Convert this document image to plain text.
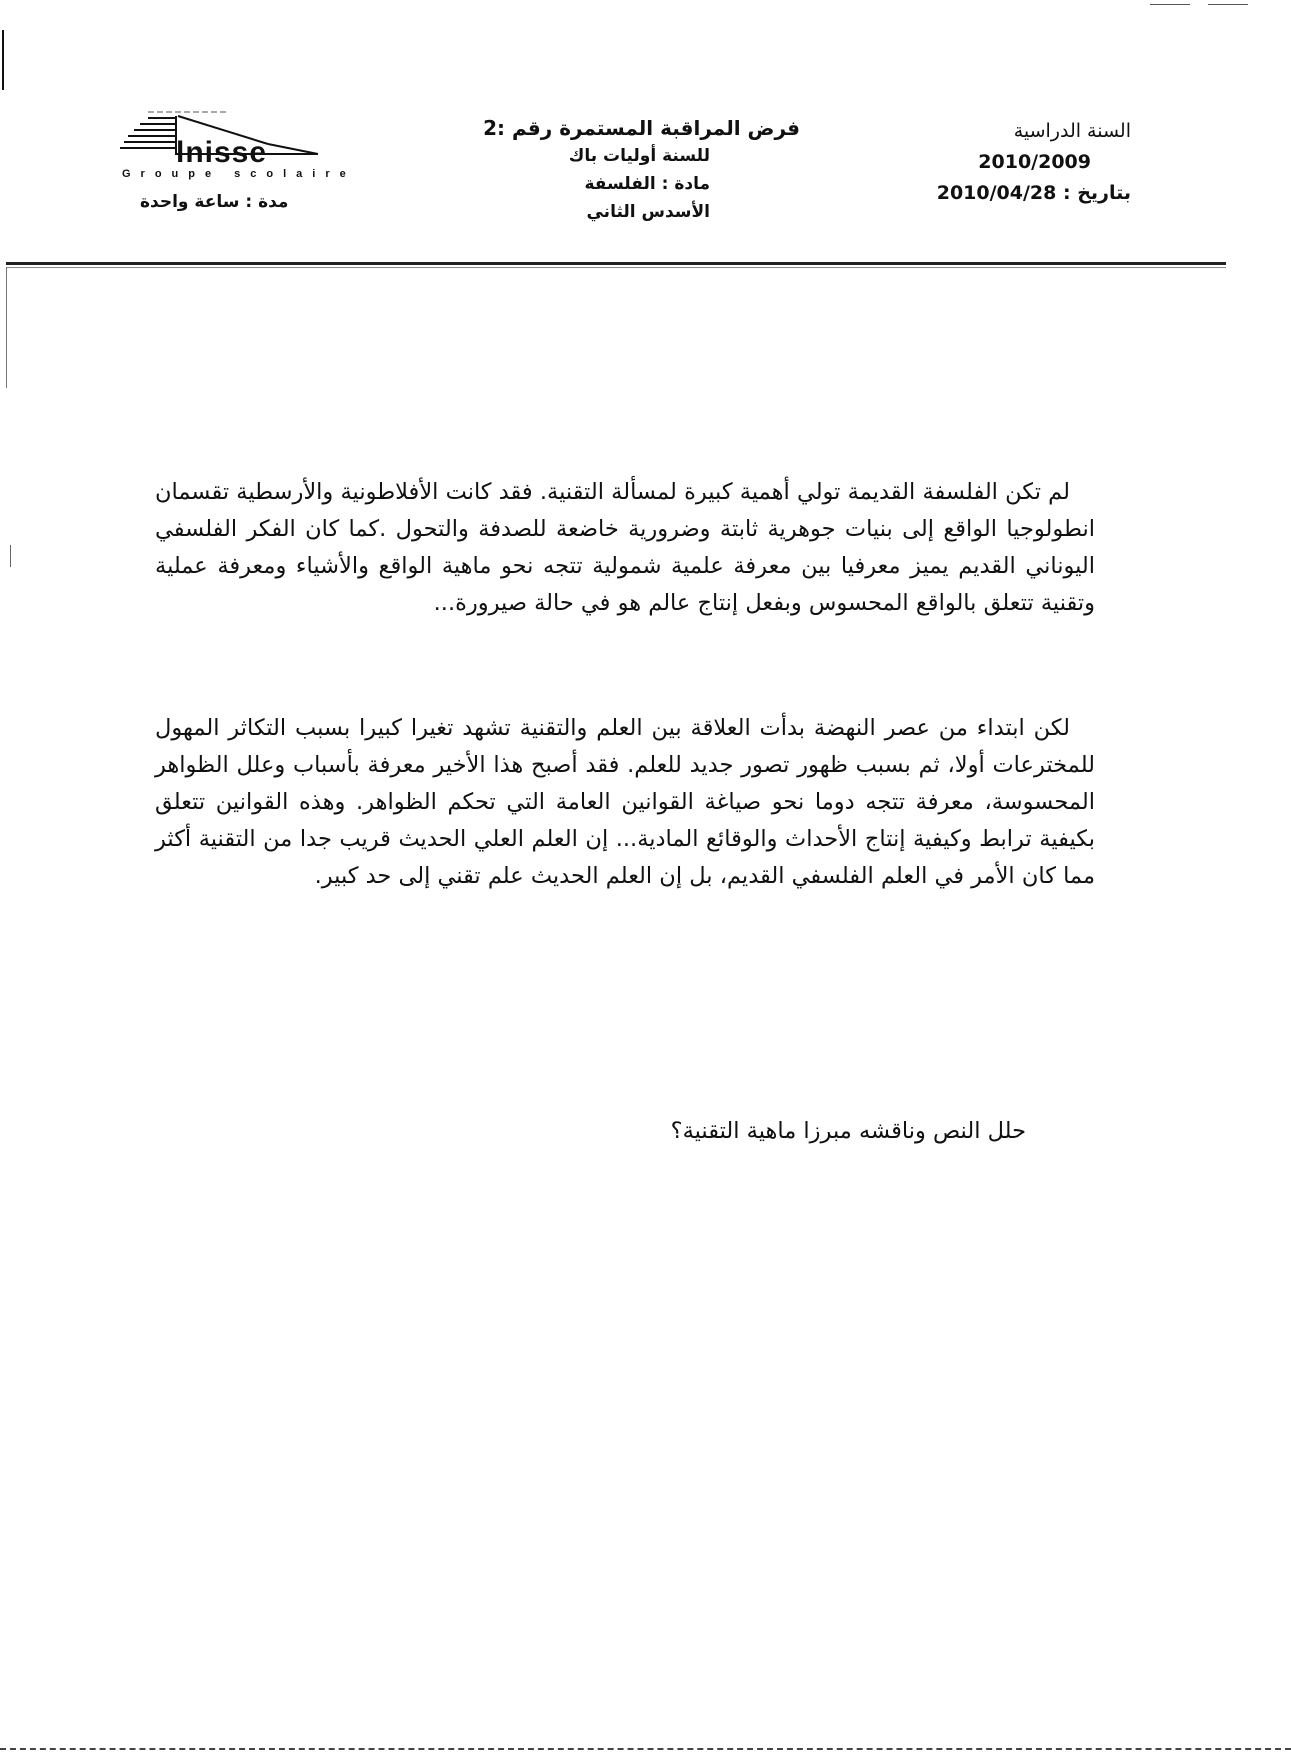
السنة الدراسية
2010/2009
بتاريخ : 2010/04/28
فرض المراقبة المستمرة رقم :2
للسنة أوليات باك
مادة : الفلسفة
الأسدس الثاني
lnisse
Groupe scolaire
مدة : ساعة واحدة
لم تكن الفلسفة القديمة تولي أهمية كبيرة لمسألة التقنية. فقد كانت الأفلاطونية والأرسطية تقسمان انطولوجيا الواقع إلى بنيات جوهرية ثابتة وضرورية خاضعة للصدفة والتحول .كما كان الفكر الفلسفي اليوناني القديم يميز معرفيا بين معرفة علمية شمولية تتجه نحو ماهية الواقع والأشياء ومعرفة عملية وتقنية تتعلق بالواقع المحسوس وبفعل إنتاج عالم هو في حالة صيرورة...
لكن ابتداء من عصر النهضة بدأت العلاقة بين العلم والتقنية تشهد تغيرا كبيرا بسبب التكاثر المهول للمخترعات أولا، ثم بسبب ظهور تصور جديد للعلم. فقد أصبح هذا الأخير معرفة بأسباب وعلل الظواهر المحسوسة، معرفة تتجه دوما نحو صياغة القوانين العامة التي تحكم الظواهر. وهذه القوانين تتعلق بكيفية ترابط وكيفية إنتاج الأحداث والوقائع المادية... إن العلم العلي الحديث قريب جدا من التقنية أكثر مما كان الأمر في العلم الفلسفي القديم، بل إن العلم الحديث علم تقني إلى حد كبير.
حلل النص وناقشه مبرزا ماهية التقنية؟
